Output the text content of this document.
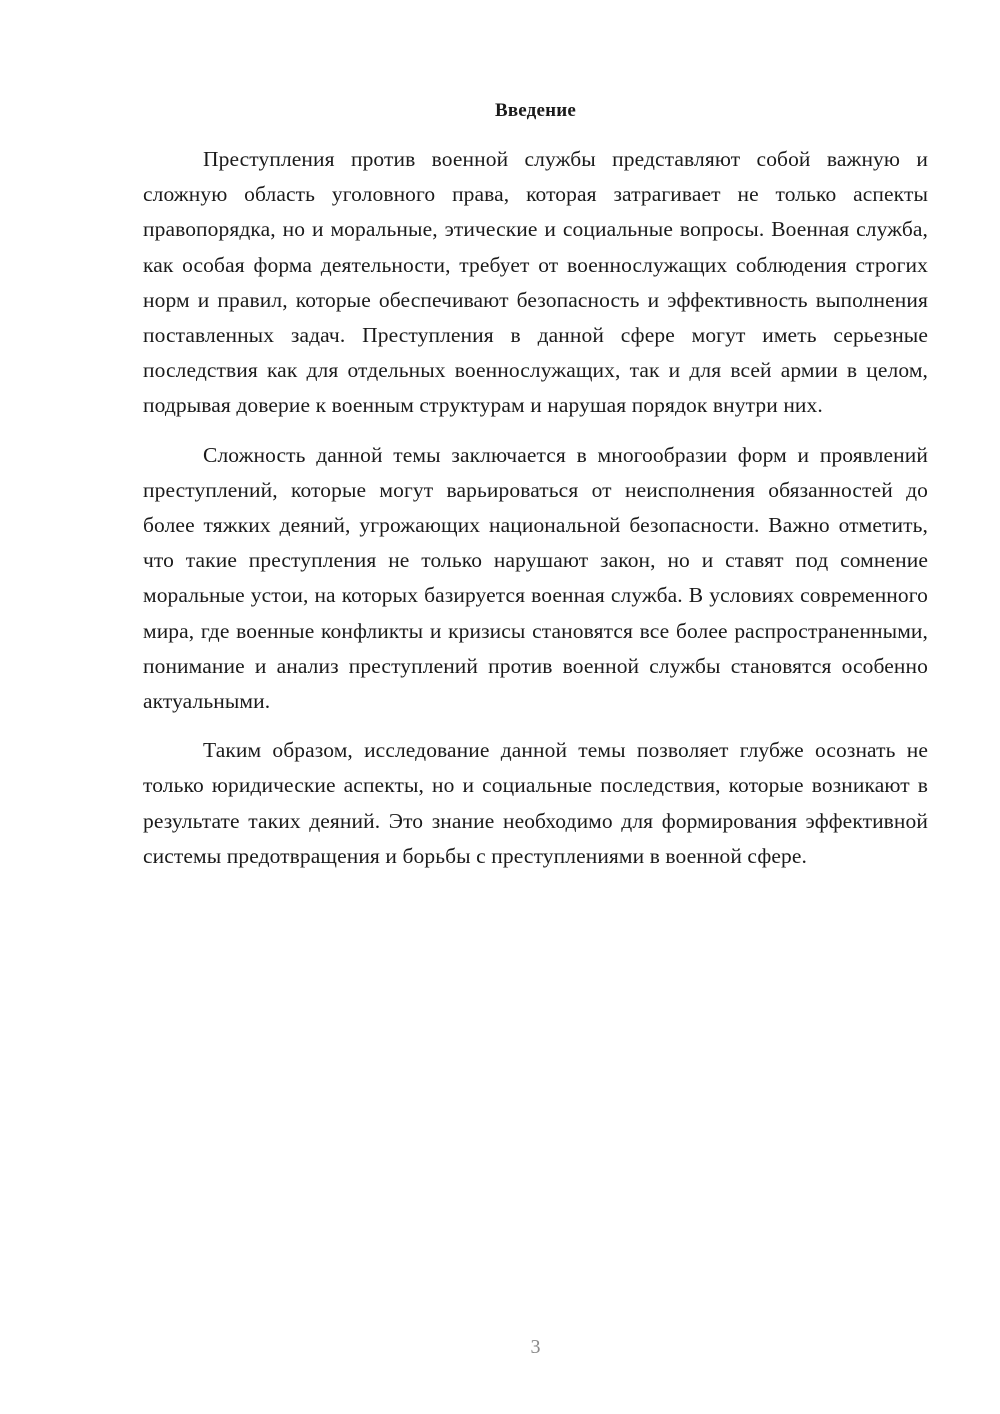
Введение

Преступления против военной службы представляют собой важную и сложную область уголовного права, которая затрагивает не только аспекты правопорядка, но и моральные, этические и социальные вопросы. Военная служба, как особая форма деятельности, требует от военнослужащих соблюдения строгих норм и правил, которые обеспечивают безопасность и эффективность выполнения поставленных задач. Преступления в данной сфере могут иметь серьезные последствия как для отдельных военнослужащих, так и для всей армии в целом, подрывая доверие к военным структурам и нарушая порядок внутри них.

Сложность данной темы заключается в многообразии форм и проявлений преступлений, которые могут варьироваться от неисполнения обязанностей до более тяжких деяний, угрожающих национальной безопасности. Важно отметить, что такие преступления не только нарушают закон, но и ставят под сомнение моральные устои, на которых базируется военная служба. В условиях современного мира, где военные конфликты и кризисы становятся все более распространенными, понимание и анализ преступлений против военной службы становятся особенно актуальными.

Таким образом, исследование данной темы позволяет глубже осознать не только юридические аспекты, но и социальные последствия, которые возникают в результате таких деяний. Это знание необходимо для формирования эффективной системы предотвращения и борьбы с преступлениями в военной сфере.

3
